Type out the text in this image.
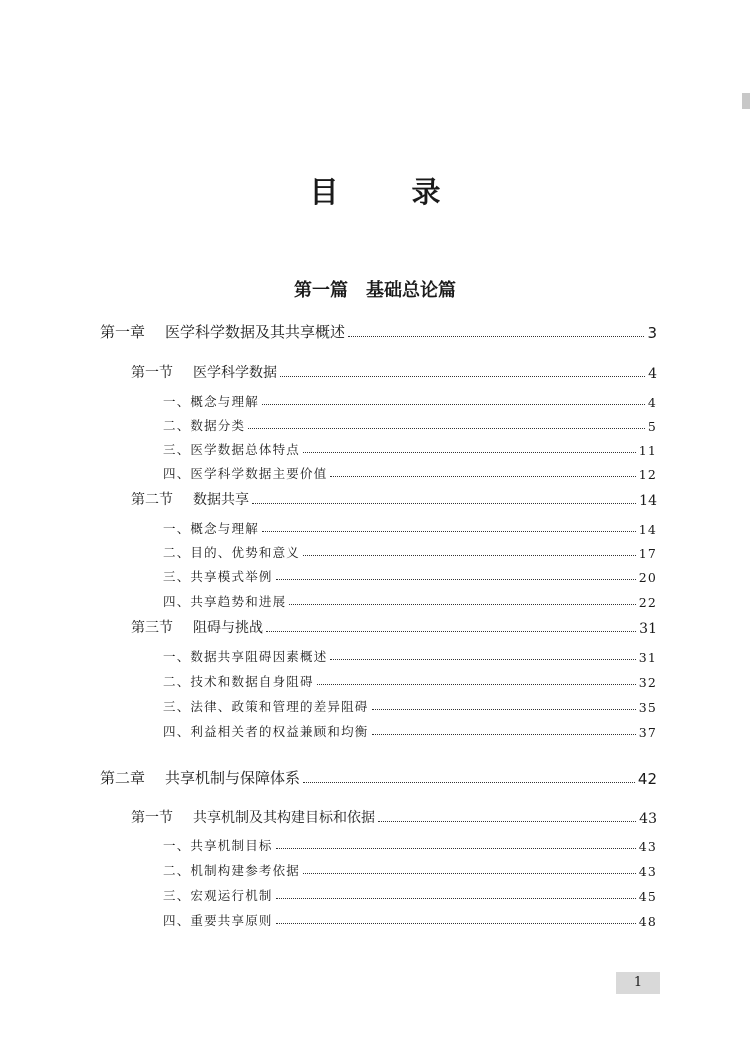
目　录
第一篇 基础总论篇
第一章 医学科学数据及其共享概述	3
第一节 医学科学数据	4
一、概念与理解	4
二、数据分类	5
三、医学数据总体特点	11
四、医学科学数据主要价值	12
第二节 数据共享	14
一、概念与理解	14
二、目的、优势和意义	17
三、共享模式举例	20
四、共享趋势和进展	22
第三节 阻碍与挑战	31
一、数据共享阻碍因素概述	31
二、技术和数据自身阻碍	32
三、法律、政策和管理的差异阻碍	35
四、利益相关者的权益兼顾和均衡	37
第二章 共享机制与保障体系	42
第一节 共享机制及其构建目标和依据	43
一、共享机制目标	43
二、机制构建参考依据	43
三、宏观运行机制	45
四、重要共享原则	48
1
